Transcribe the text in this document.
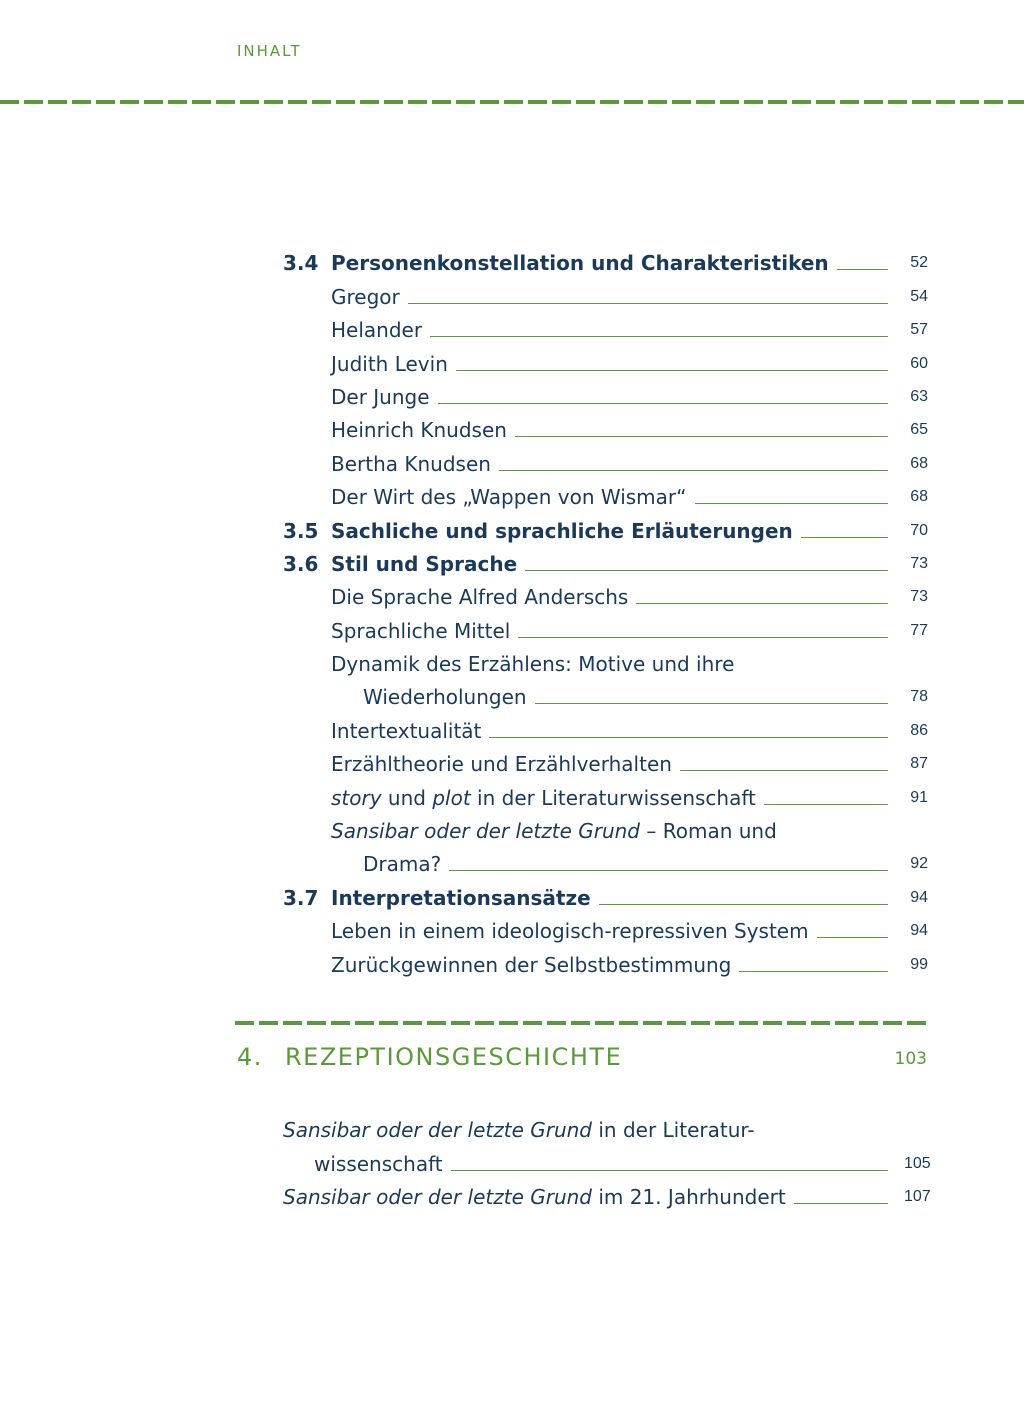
INHALT
3.4 Personenkonstellation und Charakteristiken	52
Gregor	54
Helander	57
Judith Levin	60
Der Junge	63
Heinrich Knudsen	65
Bertha Knudsen	68
Der Wirt des „Wappen von Wismar“	68
3.5 Sachliche und sprachliche Erläuterungen	70
3.6 Stil und Sprache	73
Die Sprache Alfred Anderschs	73
Sprachliche Mittel	77
Dynamik des Erzählens: Motive und ihre
Wiederholungen	78
Intertextualität	86
Erzähltheorie und Erzählverhalten	87
story und plot in der Literaturwissenschaft	91
Sansibar oder der letzte Grund – Roman und
Drama?	92
3.7 Interpretationsansätze	94
Leben in einem ideologisch-repressiven System	94
Zurückgewinnen der Selbstbestimmung	99
4. REZEPTIONSGESCHICHTE	103
Sansibar oder der letzte Grund in der Literatur-
wissenschaft	105
Sansibar oder der letzte Grund im 21. Jahrhundert	107
